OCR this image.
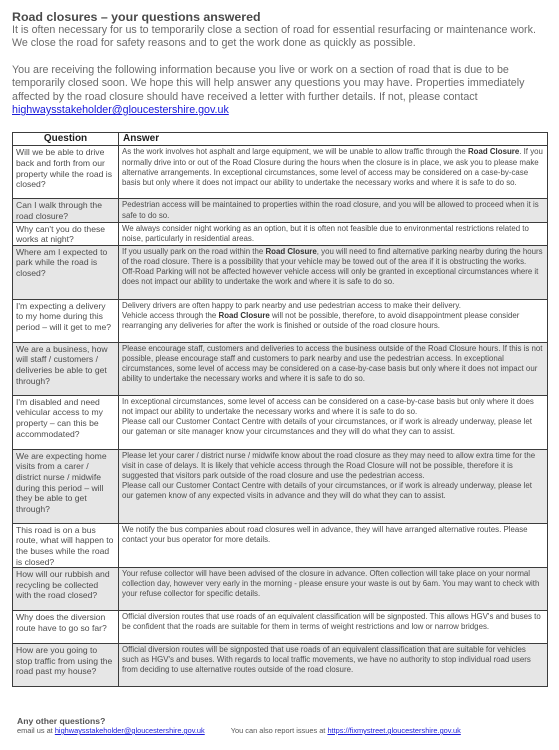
Road closures – your questions answered

It is often necessary for us to temporarily close a section of road for essential resurfacing or maintenance work. We close the road for safety reasons and to get the work done as quickly as possible.

You are receiving the following information because you live or work on a section of road that is due to be temporarily closed soon. We hope this will help answer any questions you may have. Properties immediately affected by the road closure should have received a letter with further details. If not, please contact highwaysstakeholder@gloucestershire.gov.uk

Question	Answer
Will we be able to drive back and forth from our property while the road is closed?	As the work involves hot asphalt and large equipment, we will be unable to allow traffic through the Road Closure. If you normally drive into or out of the Road Closure during the hours when the closure is in place, we ask you to please make alternative arrangements. In exceptional circumstances, some level of access may be considered on a case-by-case basis but only where it does not impact our ability to undertake the necessary works and where it is safe to do so.
Can I walk through the road closure?	Pedestrian access will be maintained to properties within the road closure, and you will be allowed to proceed when it is safe to do so.
Why can't you do these works at night?	We always consider night working as an option, but it is often not feasible due to environmental restrictions related to noise, particularly in residential areas.
Where am I expected to park while the road is closed?	If you usually park on the road within the Road Closure, you will need to find alternative parking nearby during the hours of the road closure. There is a possibility that your vehicle may be towed out of the area if it is obstructing the works.
Off-Road Parking will not be affected however vehicle access will only be granted in exceptional circumstances where it does not impact our ability to undertake the work and where it is safe to do so.

I'm expecting a delivery to my home during this period – will it get to me?	Delivery drivers are often happy to park nearby and use pedestrian access to make their delivery.
Vehicle access through the Road Closure will not be possible, therefore, to avoid disappointment please consider rearranging any deliveries for after the work is finished or outside of the road closure hours.
We are a business, how will staff / customers / deliveries be able to get through?	Please encourage staff, customers and deliveries to access the business outside of the Road Closure hours. If this is not possible, please encourage staff and customers to park nearby and use the pedestrian access. In exceptional circumstances, some level of access may be considered on a case-by-case basis but only where it does not impact our ability to undertake the necessary works and where it is safe to do so.
I'm disabled and need vehicular access to my property – can this be accommodated?	In exceptional circumstances, some level of access can be considered on a case-by-case basis but only where it does not impact our ability to undertake the necessary works and where it is safe to do so.
Please call our Customer Contact Centre with details of your circumstances, or if work is already underway, please let our gateman or site manager know your circumstances and they will do what they can to assist.

We are expecting home visits from a carer / district nurse / midwife during this period – will they be able to get through?	Please let your carer / district nurse / midwife know about the road closure as they may need to allow extra time for the visit in case of delays. It is likely that vehicle access through the Road Closure will not be possible, therefore it is suggested that visitors park outside of the road closure and use the pedestrian access.
Please call our Customer Contact Centre with details of your circumstances, or if work is already underway, please let our gatemen know of any expected visits in advance and they will do what they can to assist.

This road is on a bus route, what will happen to the buses while the road is closed?	We notify the bus companies about road closures well in advance, they will have arranged alternative routes. Please contact your bus operator for more details.
How will our rubbish and recycling be collected with the road closed?	Your refuse collector will have been advised of the closure in advance. Often collection will take place on your normal collection day, however very early in the morning - please ensure your waste is out by 6am. You may want to check with your refuse collector for specific details.
Why does the diversion route have to go so far?	Official diversion routes that use roads of an equivalent classification will be signposted. This allows HGV's and buses to be confident that the roads are suitable for them in terms of weight restrictions and low or narrow bridges.
How are you going to stop traffic from using the road past my house?	Official diversion routes will be signposted that use roads of an equivalent classification that are suitable for vehicles such as HGV's and buses. With regards to local traffic movements, we have no authority to stop individual road users from deciding to use alternative routes outside of the road closure.
Any other questions?
email us at highwaysstakeholder@gloucestershire.gov.uk	You can also report issues at https://fixmystreet.gloucestershire.gov.uk
